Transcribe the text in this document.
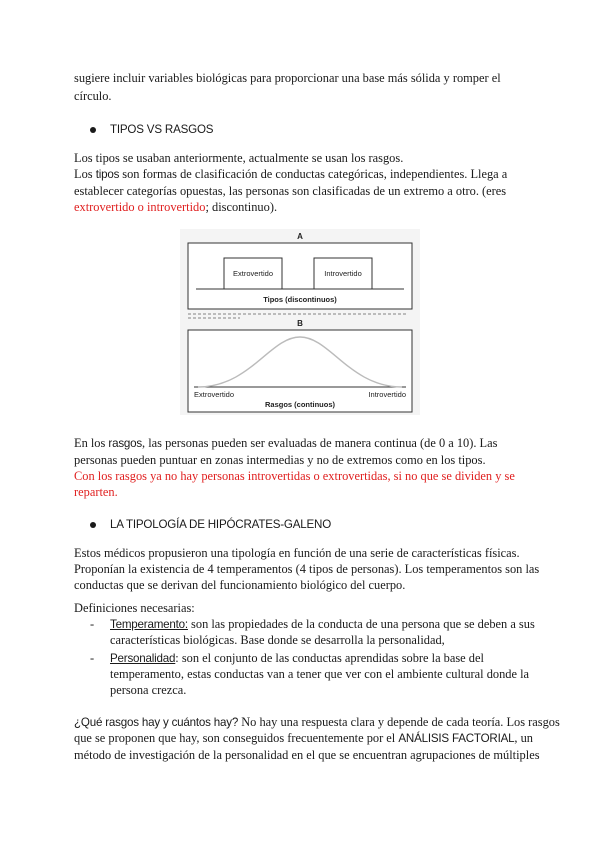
sugiere incluir variables biológicas para proporcionar una base más sólida y romper el
círculo.
TIPOS VS RASGOS
Los tipos se usaban anteriormente, actualmente se usan los rasgos.
Los tipos son formas de clasificación de conductas categóricas, independientes. Llega a
establecer categorías opuestas, las personas son clasificadas de un extremo a otro. (eres
extrovertido o introvertido; discontinuo).
A
Extrovertido	Introvertido
Tipos (discontinuos)
B
Extrovertido	Introvertido
Rasgos (continuos)
En los rasgos, las personas pueden ser evaluadas de manera continua (de 0 a 10). Las
personas pueden puntuar en zonas intermedias y no de extremos como en los tipos.
Con los rasgos ya no hay personas introvertidas o extrovertidas, si no que se dividen y se
reparten.
LA TIPOLOGÍA DE HIPÓCRATES-GALENO
Estos médicos propusieron una tipología en función de una serie de características físicas.
Proponían la existencia de 4 temperamentos (4 tipos de personas). Los temperamentos son las
conductas que se derivan del funcionamiento biológico del cuerpo.
Definiciones necesarias:
- Temperamento: son las propiedades de la conducta de una persona que se deben a sus
características biológicas. Base donde se desarrolla la personalidad,
- Personalidad: son el conjunto de las conductas aprendidas sobre la base del
temperamento, estas conductas van a tener que ver con el ambiente cultural donde la
persona crezca.
¿Qué rasgos hay y cuántos hay? No hay una respuesta clara y depende de cada teoría. Los rasgos
que se proponen que hay, son conseguidos frecuentemente por el ANÁLISIS FACTORIAL, un
método de investigación de la personalidad en el que se encuentran agrupaciones de múltiples
